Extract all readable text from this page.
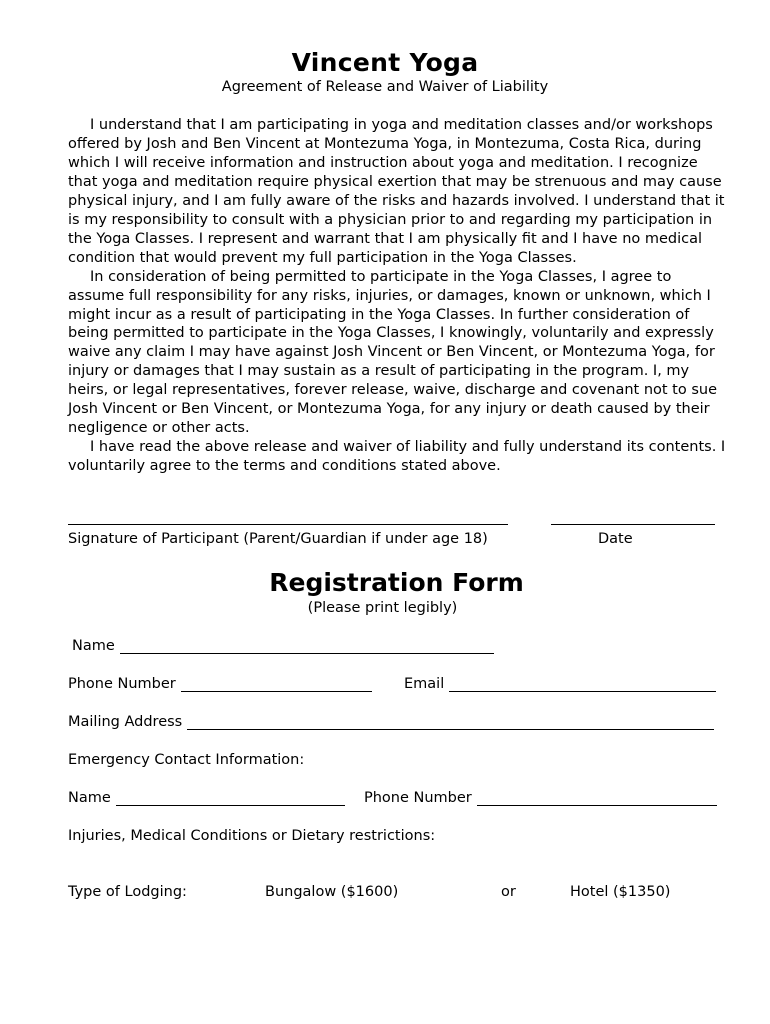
Vincent Yoga
Agreement of Release and Waiver of Liability

I understand that I am participating in yoga and meditation classes and/or workshops offered by Josh and Ben Vincent at Montezuma Yoga, in Montezuma, Costa Rica, during which I will receive information and instruction about yoga and meditation. I recognize that yoga and meditation require physical exertion that may be strenuous and may cause physical injury, and I am fully aware of the risks and hazards involved. I understand that it is my responsibility to consult with a physician prior to and regarding my participation in the Yoga Classes. I represent and warrant that I am physically fit and I have no medical condition that would prevent my full participation in the Yoga Classes.

In consideration of being permitted to participate in the Yoga Classes, I agree to assume full responsibility for any risks, injuries, or damages, known or unknown, which I might incur as a result of participating in the Yoga Classes. In further consideration of being permitted to participate in the Yoga Classes, I knowingly, voluntarily and expressly waive any claim I may have against Josh Vincent or Ben Vincent, or Montezuma Yoga, for injury or damages that I may sustain as a result of participating in the program. I, my heirs, or legal representatives, forever release, waive, discharge and covenant not to sue Josh Vincent or Ben Vincent, or Montezuma Yoga, for any injury or death caused by their negligence or other acts.

I have read the above release and waiver of liability and fully understand its contents. I voluntarily agree to the terms and conditions stated above.

Signature of Participant (Parent/Guardian if under age 18)	Date
Registration Form
(Please print legibly)
Name
Phone Number	Email
Mailing Address
Emergency Contact Information:
Name	Phone Number
Injuries, Medical Conditions or Dietary restrictions:
Type of Lodging:	Bungalow ($1600)	or	Hotel ($1350)
